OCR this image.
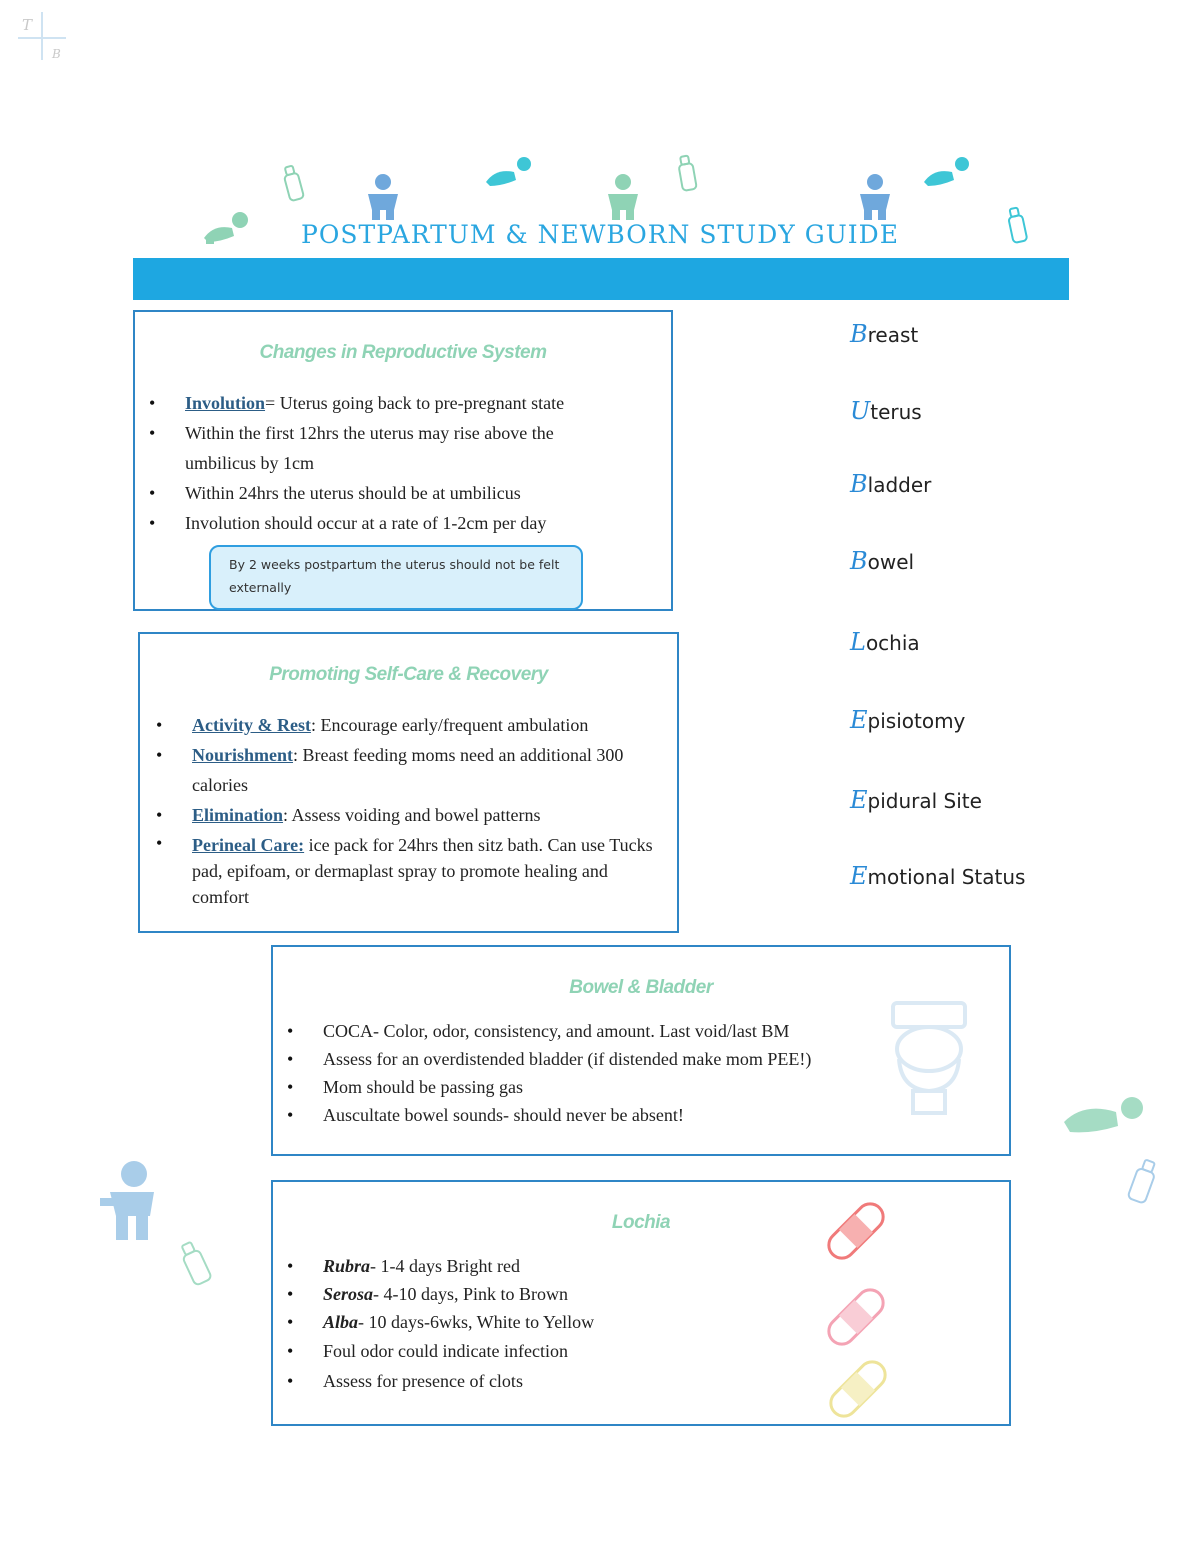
T
B
POSTPARTUM & NEWBORN STUDY GUIDE
Changes in Reproductive System
• Involution= Uterus going back to pre-pregnant state
• Within the first 12hrs the uterus may rise above the
umbilicus by 1cm
• Within 24hrs the uterus should be at umbilicus
• Involution should occur at a rate of 1-2cm per day
By 2 weeks postpartum the uterus should not be felt externally
Promoting Self-Care & Recovery
• Activity & Rest: Encourage early/frequent ambulation
• Nourishment: Breast feeding moms need an additional 300 calories
• Elimination: Assess voiding and bowel patterns
• Perineal Care: ice pack for 24hrs then sitz bath. Can use Tucks pad, epifoam, or dermaplast spray to promote healing and comfort
Breast
Uterus
Bladder
Bowel
Lochia
Episiotomy
Epidural Site
Emotional Status
Bowel & Bladder
• COCA- Color, odor, consistency, and amount. Last void/last BM
• Assess for an overdistended bladder (if distended make mom PEE!)
• Mom should be passing gas
• Auscultate bowel sounds- should never be absent!
Lochia
• Rubra- 1-4 days Bright red
• Serosa- 4-10 days, Pink to Brown
• Alba- 10 days-6wks, White to Yellow
• Foul odor could indicate infection
• Assess for presence of clots
